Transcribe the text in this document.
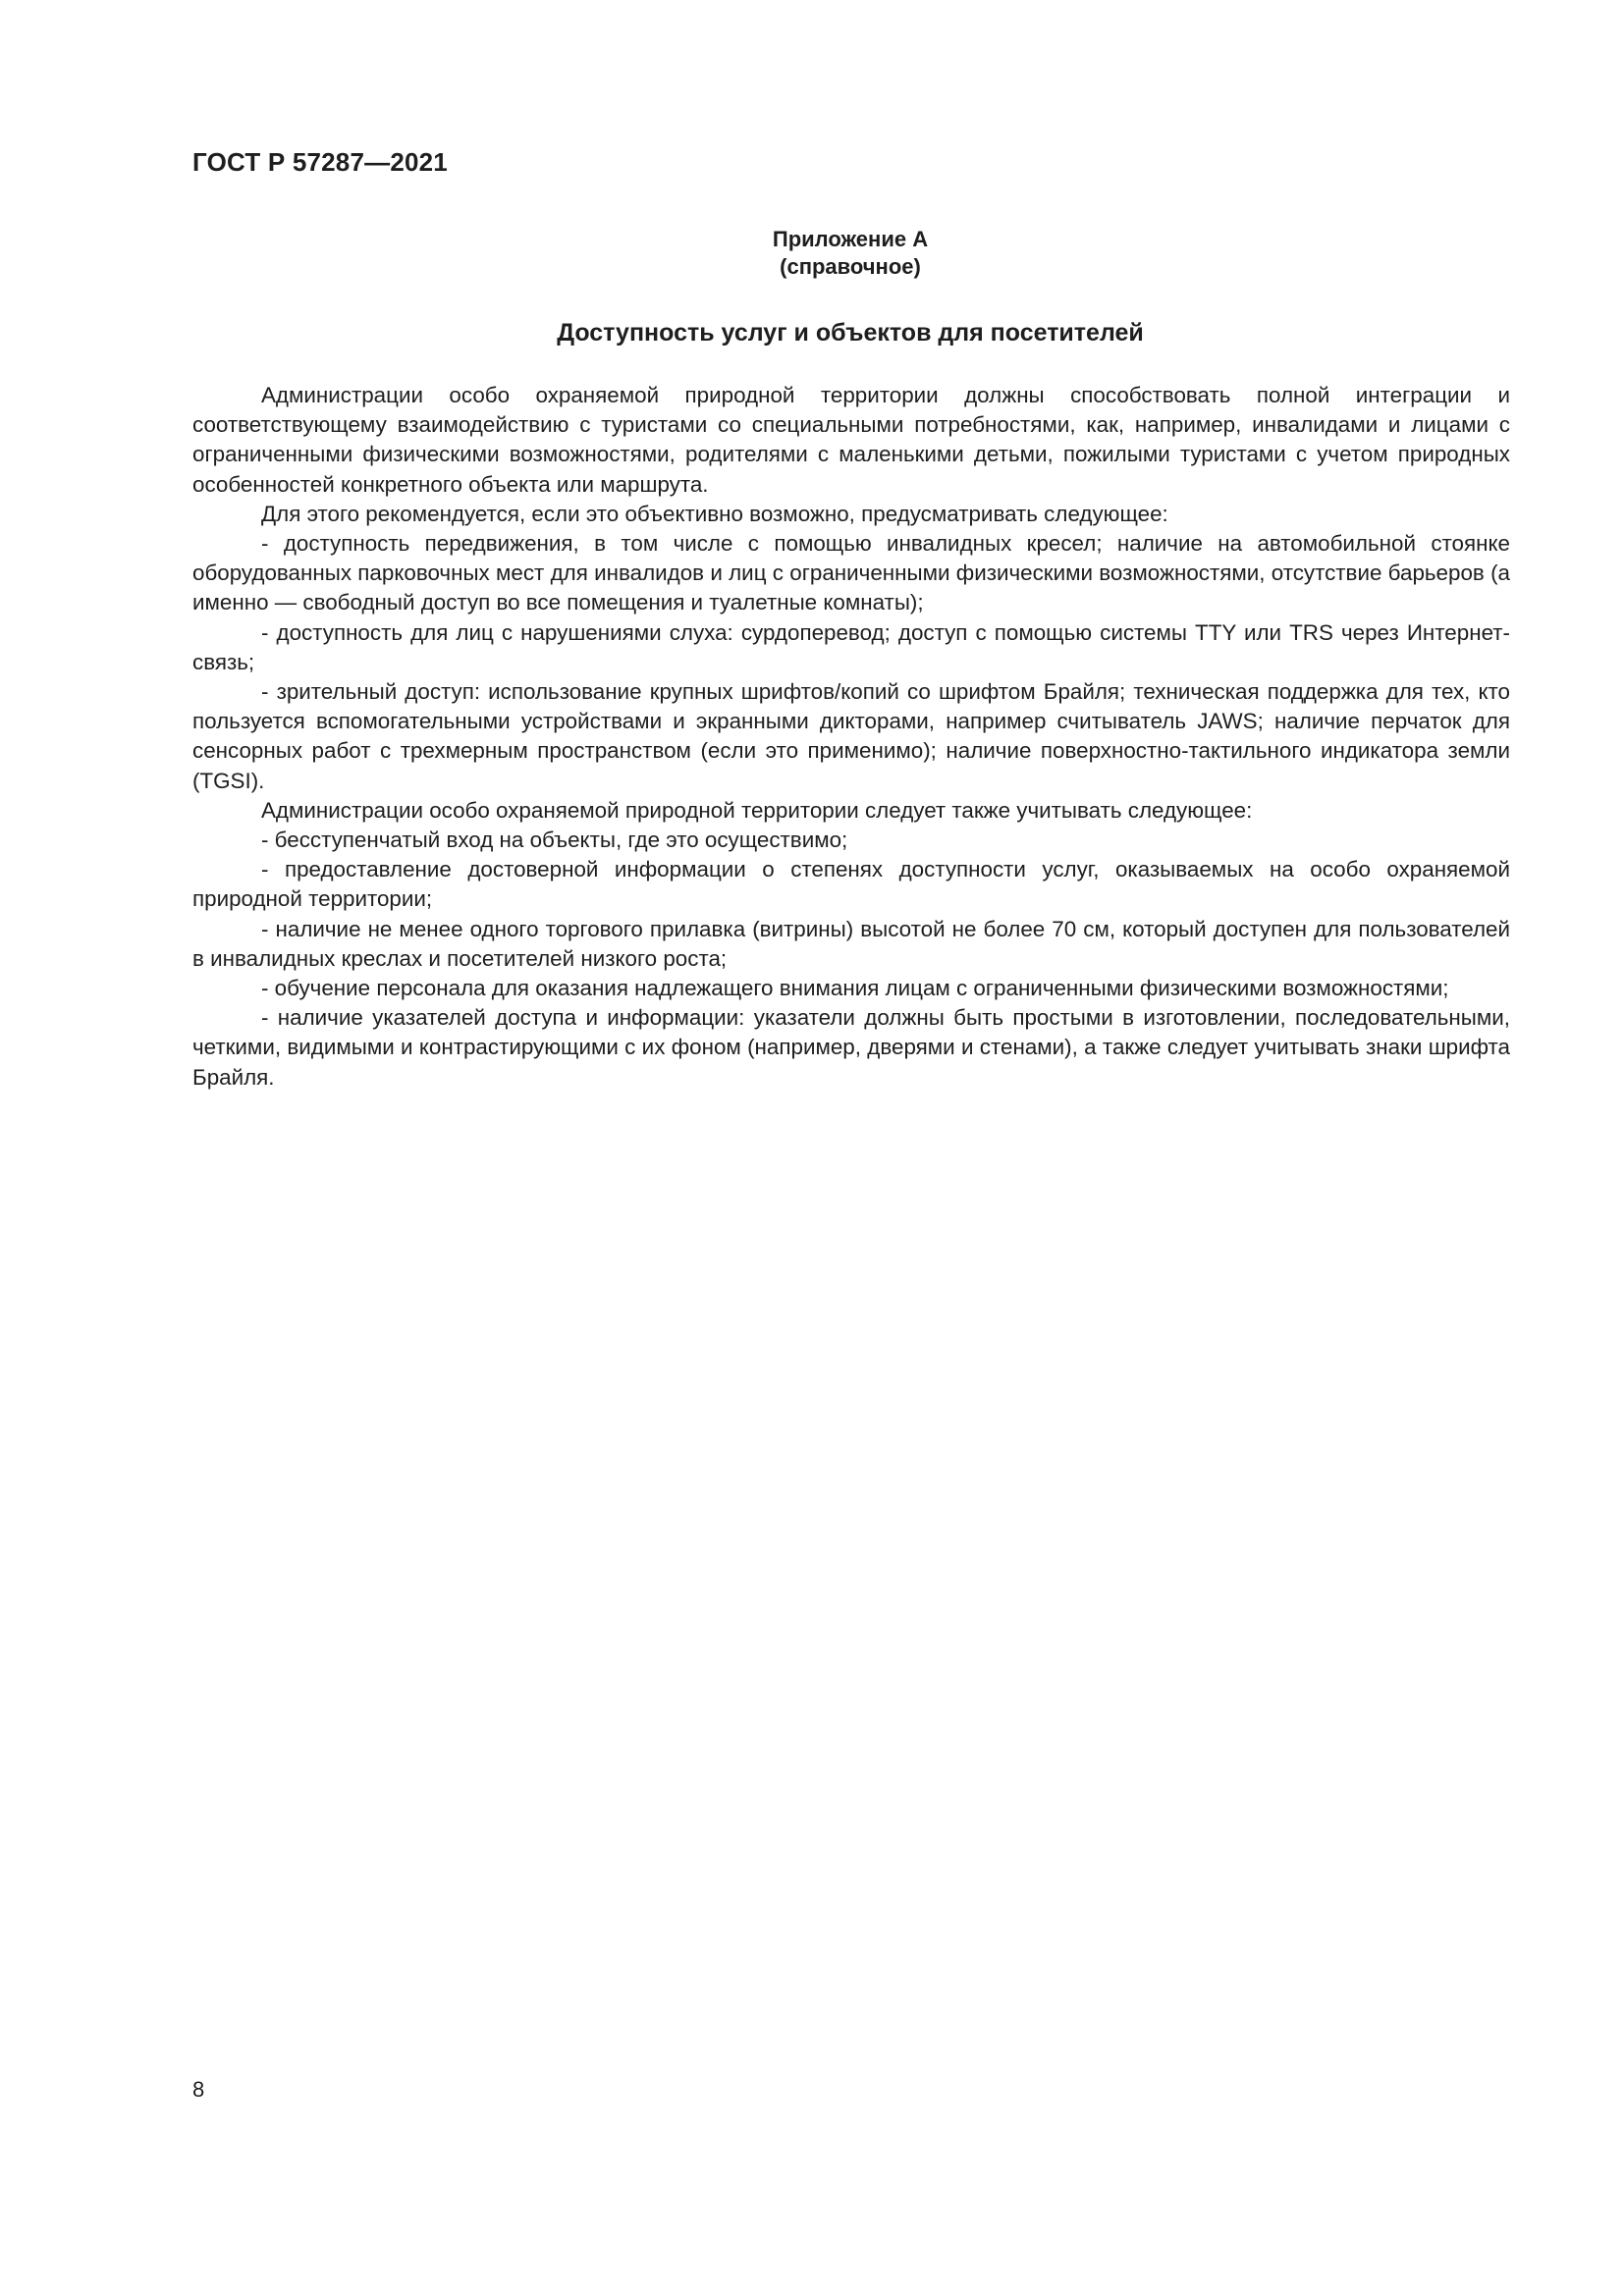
ГОСТ Р 57287—2021
Приложение А
(справочное)
Доступность услуг и объектов для посетителей

Администрации особо охраняемой природной территории должны способствовать полной интеграции и соответствующему взаимодействию с туристами со специальными потребностями, как, например, инвалидами и лицами с ограниченными физическими возможностями, родителями с маленькими детьми, пожилыми туристами с учетом природных особенностей конкретного объекта или маршрута.

Для этого рекомендуется, если это объективно возможно, предусматривать следующее:

- доступность передвижения, в том числе с помощью инвалидных кресел; наличие на автомобильной стоянке оборудованных парковочных мест для инвалидов и лиц с ограниченными физическими возможностями, отсутствие барьеров (а именно — свободный доступ во все помещения и туалетные комнаты);

- доступность для лиц с нарушениями слуха: сурдоперевод; доступ с помощью системы TTY или TRS через Интернет-связь;

- зрительный доступ: использование крупных шрифтов/копий со шрифтом Брайля; техническая поддержка для тех, кто пользуется вспомогательными устройствами и экранными дикторами, например считыватель JAWS; наличие перчаток для сенсорных работ с трехмерным пространством (если это применимо); наличие поверхностно-тактильного индикатора земли (TGSI).

Администрации особо охраняемой природной территории следует также учитывать следующее:

- бесступенчатый вход на объекты, где это осуществимо;

- предоставление достоверной информации о степенях доступности услуг, оказываемых на особо охраняемой природной территории;

- наличие не менее одного торгового прилавка (витрины) высотой не более 70 см, который доступен для пользователей в инвалидных креслах и посетителей низкого роста;

- обучение персонала для оказания надлежащего внимания лицам с ограниченными физическими возможностями;

- наличие указателей доступа и информации: указатели должны быть простыми в изготовлении, последовательными, четкими, видимыми и контрастирующими с их фоном (например, дверями и стенами), а также следует учитывать знаки шрифта Брайля.

8
